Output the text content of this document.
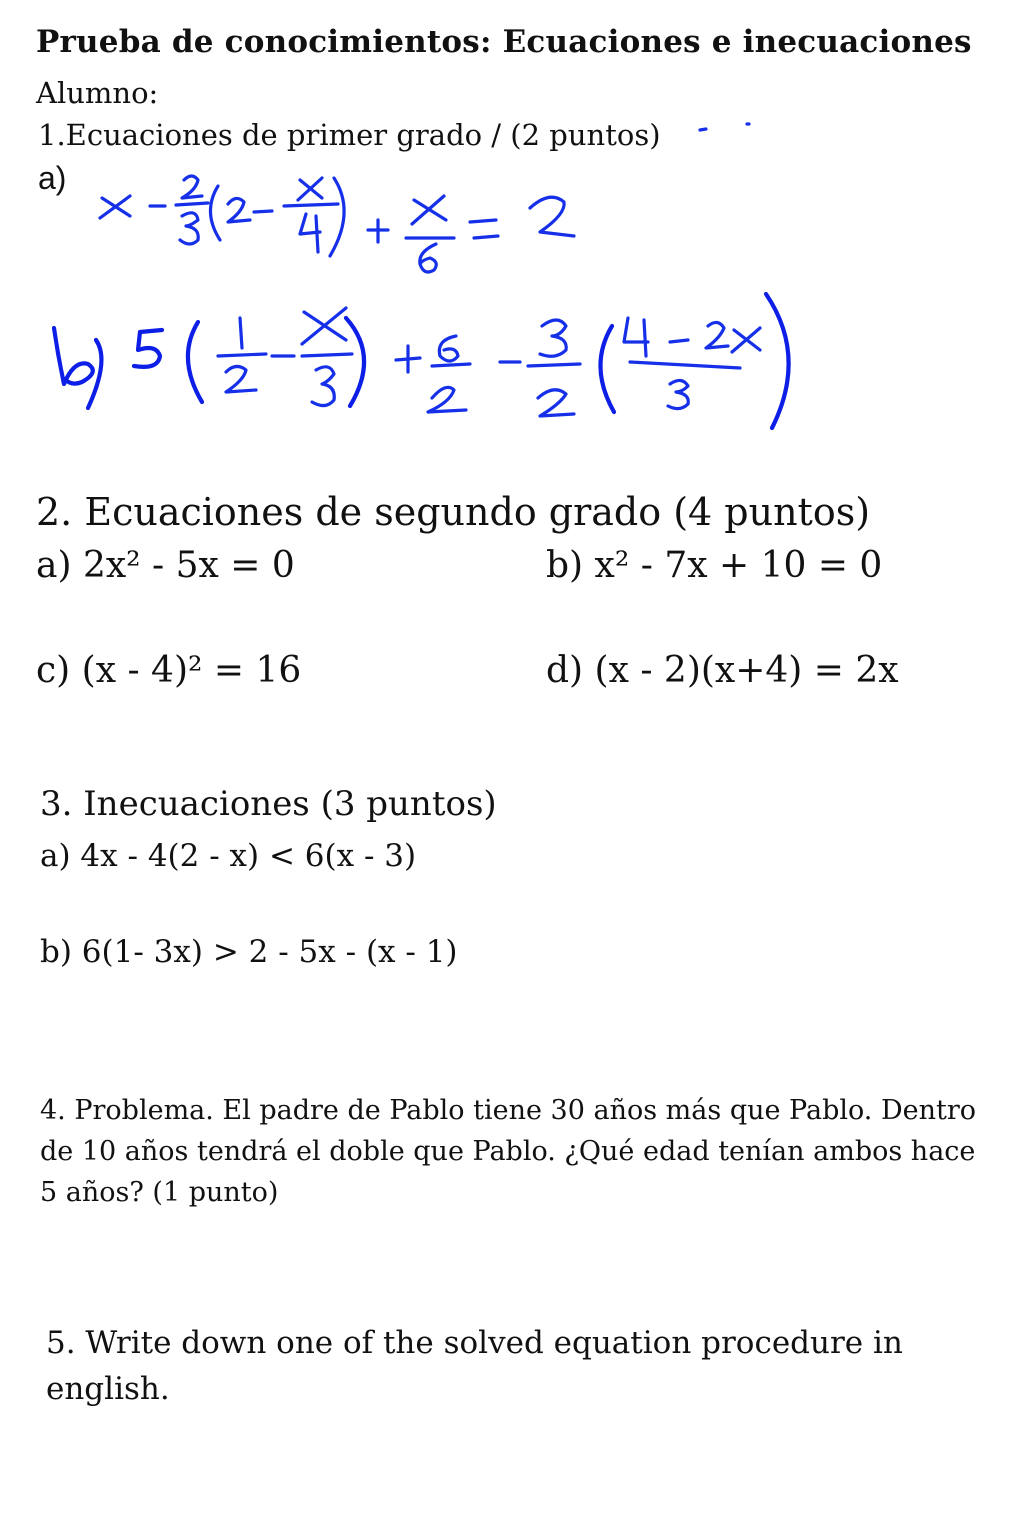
Prueba de conocimientos: Ecuaciones e inecuaciones
Alumno:
1.Ecuaciones de primer grado / (2 puntos)
a)
2. Ecuaciones de segundo grado (4 puntos)
a) 2x² - 5x = 0	b) x² - 7x + 10 = 0
c) (x - 4)² = 16	d) (x - 2)(x+4) = 2x
3. Inecuaciones (3 puntos)
a) 4x - 4(2 - x) < 6(x - 3)
b) 6(1- 3x) > 2 - 5x - (x - 1)
4. Problema. El padre de Pablo tiene 30 años más que Pablo. Dentro de 10 años tendrá el doble que Pablo. ¿Qué edad tenían ambos hace 5 años? (1 punto)
5. Write down one of the solved equation procedure in english.
